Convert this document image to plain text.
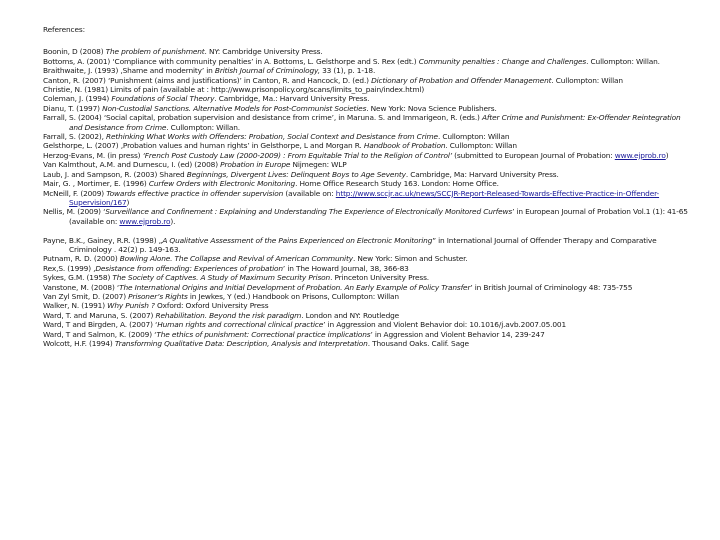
References:

Boonin, D (2008) The problem of punishment. NY: Cambridge University Press.

Bottoms, A. (2001) ‘Compliance with community penalties’ in A. Bottoms, L. Gelsthorpe and S. Rex (edt.) Community penalties : Change and Challenges. Cullompton: Willan.

Braithwaite, J. (1993) ‚Shame and modernity’ in British Journal of Criminology, 33 (1), p. 1-18.

Canton, R. (2007) ‘Punishment (aims and justifications)’ in Canton, R. and Hancock, D. (ed.) Dictionary of Probation and Offender Management. Cullompton: Willan

Christie, N. (1981) Limits of pain (available at : http://www.prisonpolicy.org/scans/limits_to_pain/index.html)

Coleman, J. (1994) Foundations of Social Theory. Cambridge, Ma.: Harvard University Press.

Dianu, T. (1997) Non-Custodial Sanctions. Alternative Models for Post-Communist Societies. New York: Nova Science Publishers.

Farrall, S. (2004) ‘Social capital, probation supervision and desistance from crime’, in Maruna. S. and Immarigeon, R. (eds.) After Crime and Punishment: Ex-Offender Reintegration and Desistance from Crime. Cullompton: Willan.

Farrall, S. (2002), Rethinking What Works with Offenders: Probation, Social Context and Desistance from Crime. Cullompton: Willan

Gelsthorpe, L. (2007) ‚Probation values and human rights’ in Gelsthorpe, L and Morgan R. Handbook of Probation. Cullompton: Willan

Herzog-Evans, M. (in press) ‘French Post Custody Law (2000-2009) : From Equitable Trial to the Religion of Control’ (submitted to European Journal of Probation: www.ejprob.ro)

Van Kalmthout, A.M. and Durnescu, I. (ed) (2008) Probation in Europe Nijmegen: WLP

Laub, J. and Sampson, R. (2003) Shared Beginnings, Divergent Lives: Delinquent Boys to Age Seventy. Cambridge, Ma: Harvard University Press.

Mair, G. , Mortimer, E. (1996) Curfew Orders with Electronic Monitoring. Home Office Research Study 163. London: Home Office.

McNeill, F. (2009) Towards effective practice in offender supervision (available on: http://www.sccjr.ac.uk/news/SCCJR-Report-Released-Towards-Effective-Practice-in-Offender-Supervision/167)

Nellis, M. (2009) ‘Surveillance and Confinement : Explaining and Understanding The Experience of Electronically Monitored Curfews’ in European Journal of Probation Vol.1 (1): 41-65 (available on: www.ejprob.ro).

Payne, B.K., Gainey, R.R. (1998) „A Qualitative Assessment of the Pains Experienced on Electronic Monitoring” in International Journal of Offender Therapy and Comparative Criminology . 42(2) p. 149-163.

Putnam, R. D. (2000) Bowling Alone. The Collapse and Revival of American Community. New York: Simon and Schuster.

Rex,S. (1999) ‚Desistance from offending: Experiences of probation’ in The Howard Journal, 38, 366-83

Sykes, G.M. (1958) The Society of Captives. A Study of Maximum Security Prison. Princeton University Press.

Vanstone, M. (2008) ‘The International Origins and Initial Development of Probation. An Early Example of Policy Transfer’ in British Journal of Criminology 48: 735-755

Van Zyl Smit, D. (2007) Prisoner’s Rights in Jewkes, Y (ed.) Handbook on Prisons, Cullompton: Willan

Walker, N. (1991) Why Punish ? Oxford: Oxford University Press

Ward, T. and Maruna, S. (2007) Rehabilitation. Beyond the risk paradigm. London and NY: Routledge

Ward, T and Birgden, A. (2007) ‘Human rights and correctional clinical practice’ in Aggression and Violent Behavior doi: 10.1016/j.avb.2007.05.001

Ward, T and Salmon, K. (2009) ‘The ethics of punishment: Correctional practice implications’ in Aggression and Violent Behavior 14, 239-247

Wolcott, H.F. (1994) Transforming Qualitative Data: Description, Analysis and Interpretation. Thousand Oaks. Calif. Sage
